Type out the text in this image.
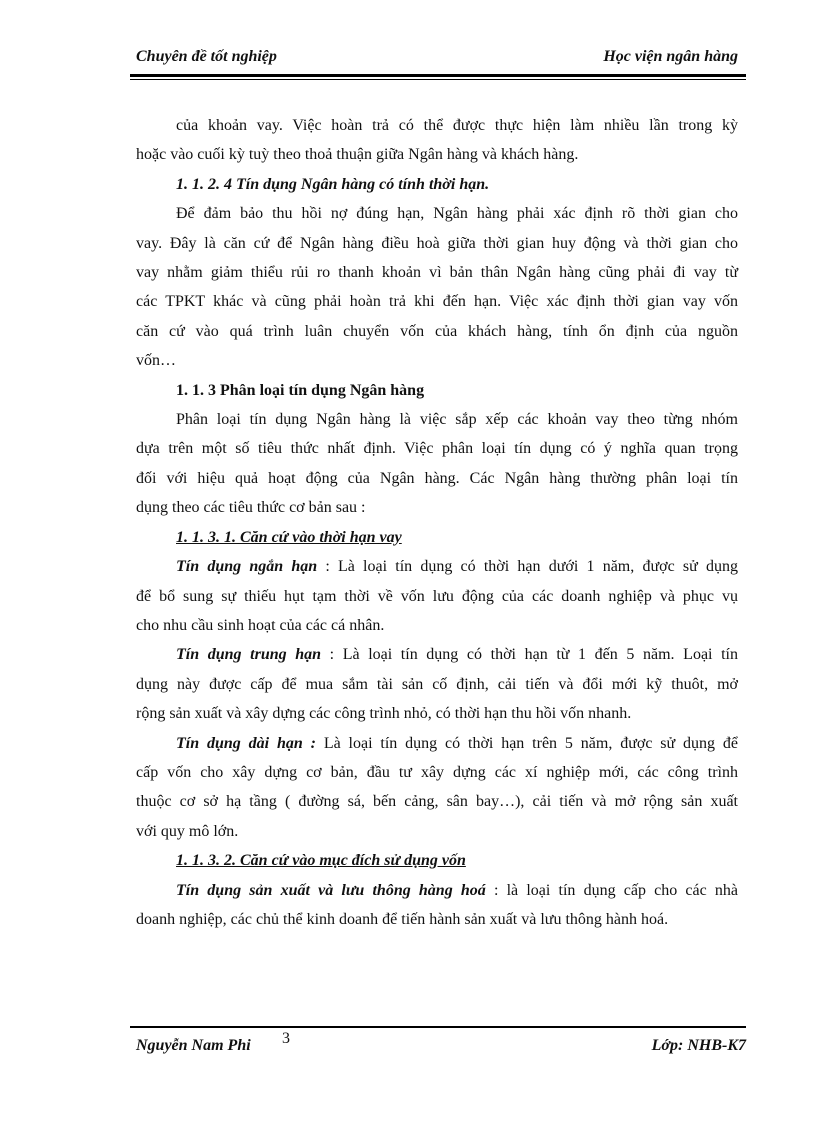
Chuyên đề tốt nghiệp	Học viện ngân hàng
của khoản vay. Việc hoàn trả có thể được thực hiện làm nhiều lần trong kỳ
hoặc vào cuối kỳ tuỳ theo thoả thuận giữa Ngân hàng và khách hàng.
1. 1. 2. 4 Tín dụng Ngân hàng có tính thời hạn.
Để đảm bảo thu hồi nợ đúng hạn, Ngân hàng phải xác định rõ thời gian cho
vay. Đây là căn cứ để Ngân hàng điều hoà giữa thời gian huy động và thời gian cho
vay nhằm giảm thiểu rủi ro thanh khoản vì bản thân Ngân hàng cũng phải đi vay từ
các TPKT khác và cũng phải hoàn trả khi đến hạn. Việc xác định thời gian vay vốn
căn cứ vào quá trình luân chuyển vốn của khách hàng, tính ổn định của nguồn
vốn…
1. 1. 3 Phân loại tín dụng Ngân hàng
Phân loại tín dụng Ngân hàng là việc sắp xếp các khoản vay theo từng nhóm
dựa trên một số tiêu thức nhất định. Việc phân loại tín dụng có ý nghĩa quan trọng
đối với hiệu quả hoạt động của Ngân hàng. Các Ngân hàng thường phân loại tín
dụng theo các tiêu thức cơ bản sau :
1. 1. 3. 1. Căn cứ vào thời hạn vay
Tín dụng ngắn hạn : Là loại tín dụng có thời hạn dưới 1 năm, được sử dụng
để bổ sung sự thiếu hụt tạm thời về vốn lưu động của các doanh nghiệp và phục vụ
cho nhu cầu sinh hoạt của các cá nhân.
Tín dụng trung hạn : Là loại tín dụng có thời hạn từ 1 đến 5 năm. Loại tín
dụng này được cấp để mua sắm tài sản cố định, cải tiến và đổi mới kỹ thuôt, mở
rộng sản xuất và xây dựng các công trình nhỏ, có thời hạn thu hồi vốn nhanh.
Tín dụng dài hạn : Là loại tín dụng có thời hạn trên 5 năm, được sử dụng để
cấp vốn cho xây dựng cơ bản, đầu tư xây dựng các xí nghiệp mới, các công trình
thuộc cơ sở hạ tầng ( đường sá, bến cảng, sân bay…), cải tiến và mở rộng sản xuất
với quy mô lớn.
1. 1. 3. 2. Căn cứ vào mục đích sử dụng vốn
Tín dụng sản xuất và lưu thông hàng hoá : là loại tín dụng cấp cho các nhà
doanh nghiệp, các chủ thể kinh doanh để tiến hành sản xuất và lưu thông hành hoá.
Nguyễn Nam Phi 3	Lớp: NHB-K7
